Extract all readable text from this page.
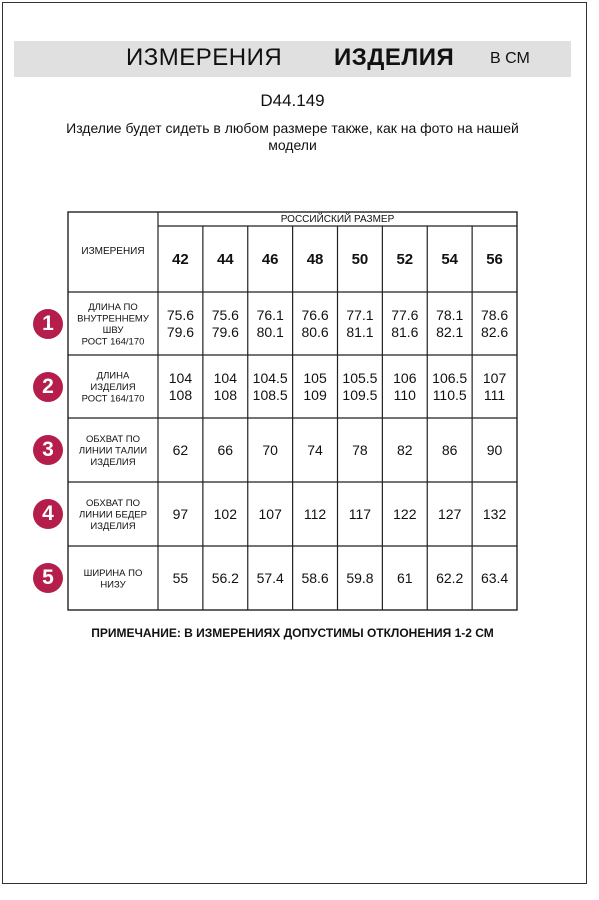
ИЗМЕРЕНИЯ ИЗДЕЛИЯ В СМ
D44.149
Изделие будет сидеть в любом размере также, как на фото на нашей модели
РОССИЙСКИЙ РАЗМЕР
ИЗМЕРЕНИЯ 42 44 46 48 50 52 54 56
ДЛИНА ПО
ВНУТРЕННЕМУ
ШВУ
РОСТ 164/170
75.6
79.6
75.6
79.6
76.1
80.1
76.6
80.6
77.1
81.1
77.6
81.6
78.1
82.1
78.6
82.6
ДЛИНА
ИЗДЕЛИЯ
РОСТ 164/170
104
108
104
108
104.5
108.5
105
109
105.5
109.5
106
110
106.5
110.5
107
111
ОБХВАТ ПО
ЛИНИИ ТАЛИИ
ИЗДЕЛИЯ
62 66 70 74 78 82 86 90
ОБХВАТ ПО
ЛИНИИ БЕДЕР
ИЗДЕЛИЯ
97 102 107 112 117 122 127 132
ШИРИНА ПО
НИЗУ	55 56.2 57.4 58.6 59.8 61 62.2 63.4
1
2
3
4
5
ПРИМЕЧАНИЕ: В ИЗМЕРЕНИЯХ ДОПУСТИМЫ ОТКЛОНЕНИЯ 1-2 СМ
